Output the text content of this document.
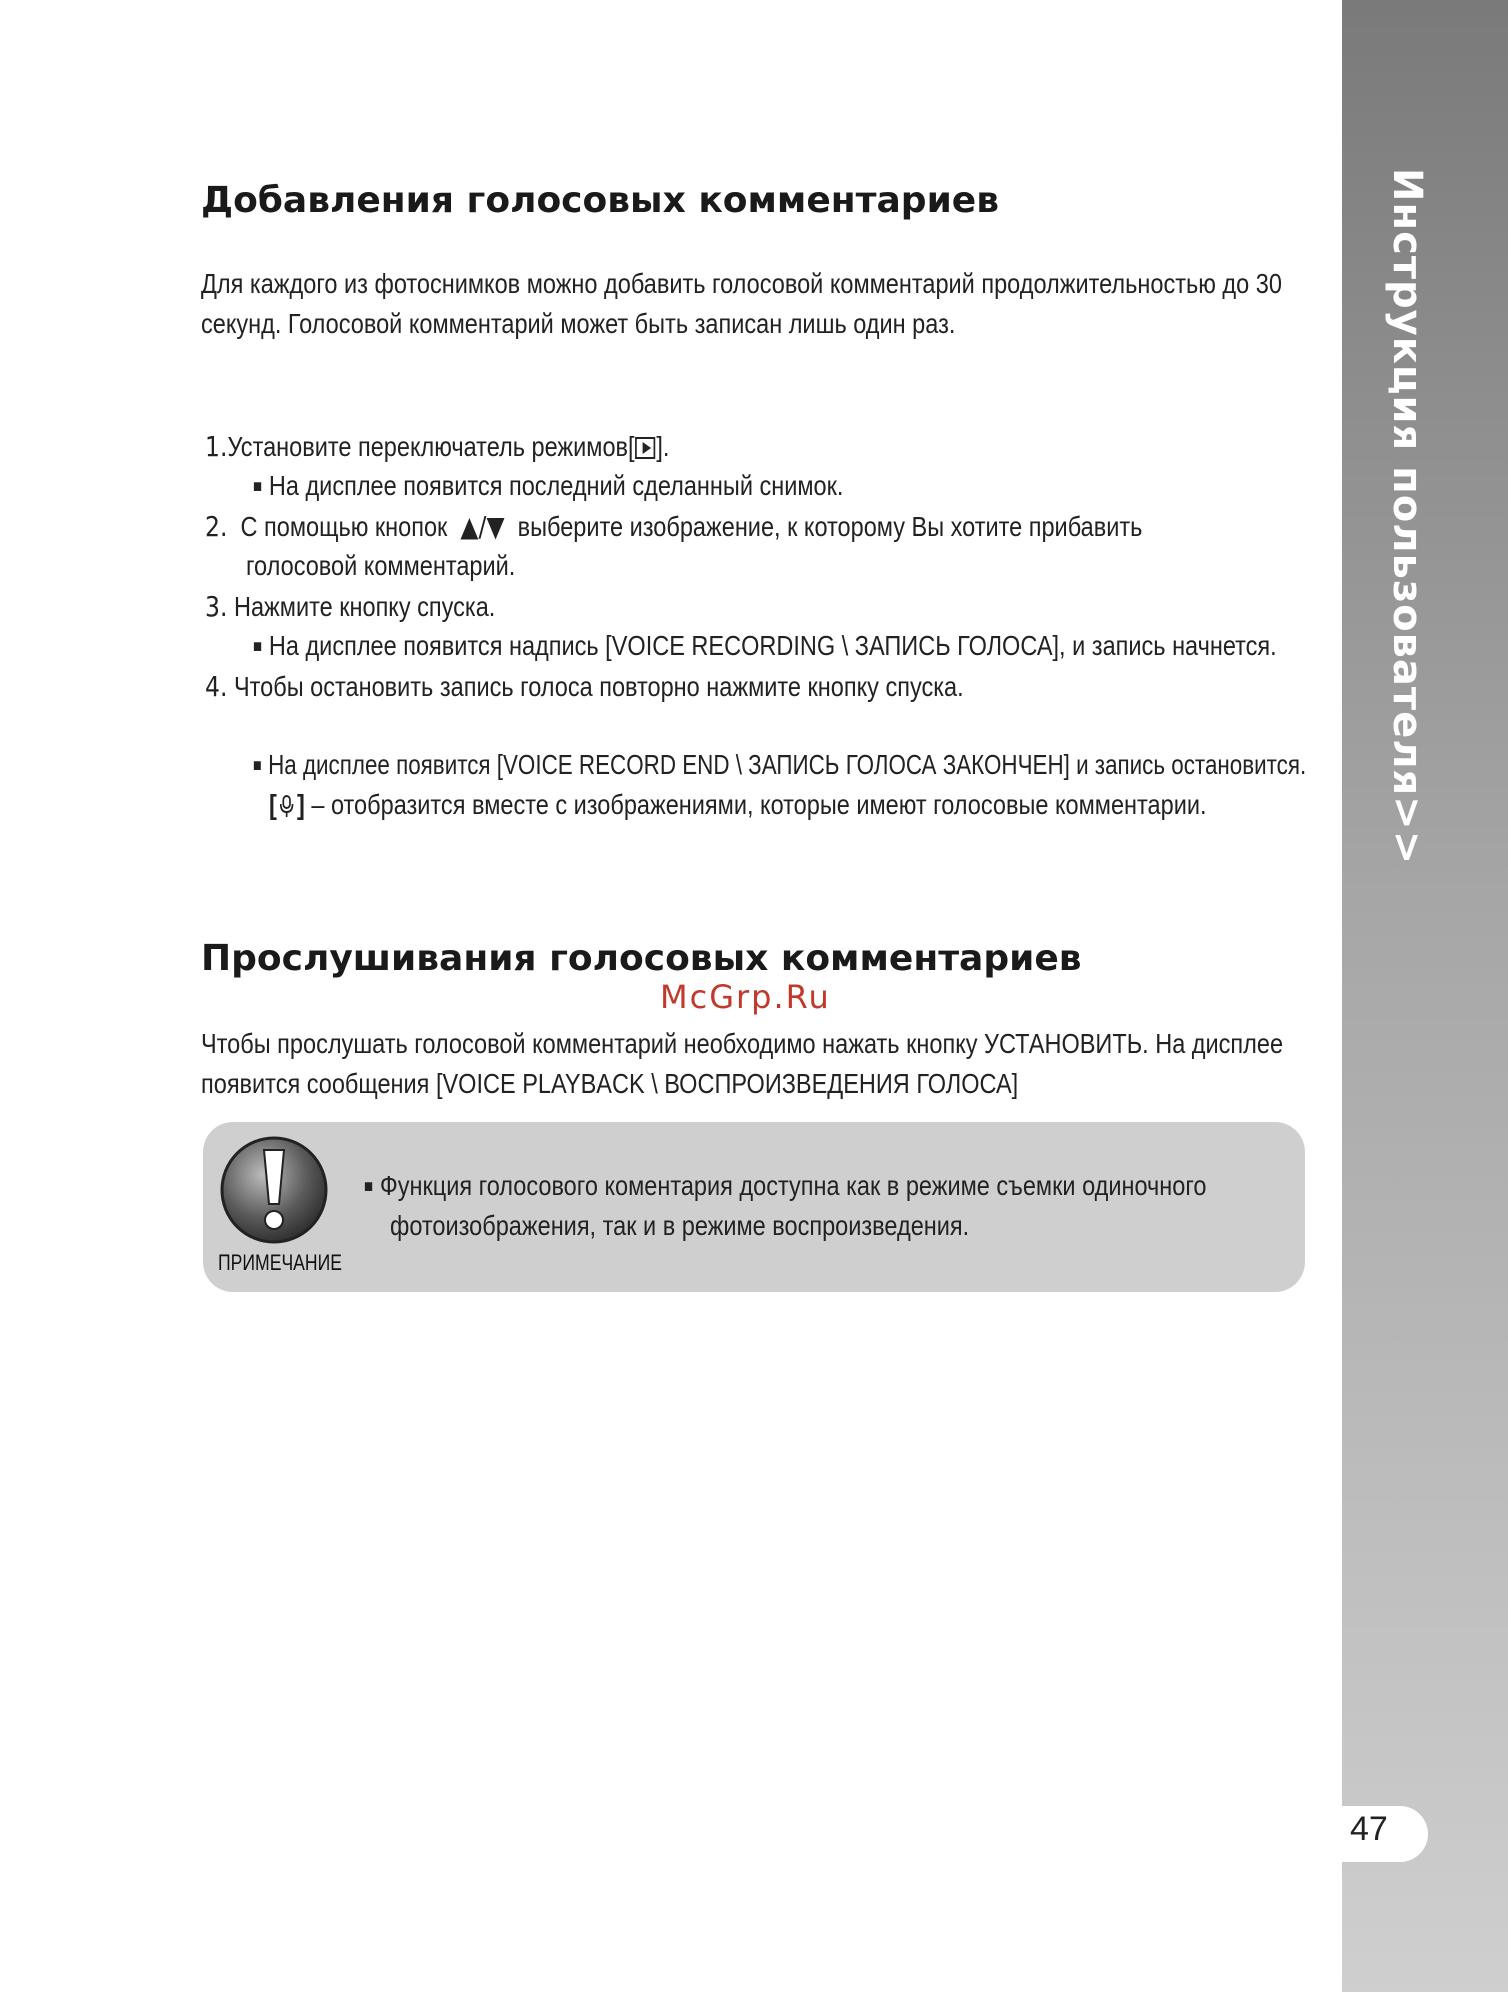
Инструкция пользователя>>
47
Добавления голосовых комментариев

Для каждого из фотоснимков можно добавить голосовой комментарий продолжительностью до 30

секунд. Голосовой комментарий может быть записан лишь один раз.

1.Установите переключатель режимов[ ].

■ На дисплее появится последний сделанный снимок.

2. С помощью кнопок ▲/▼ выберите изображение, к которому Вы хотите прибавить

голосовой комментарий.

3. Нажмите кнопку спуска.

■ На дисплее появится надпись [VOICE RECORDING \ ЗАПИСЬ ГОЛОСА], и запись начнется.

4. Чтобы остановить запись голоса повторно нажмите кнопку спуска.

■ На дисплее появится [VOICE RECORD END \ ЗАПИСЬ ГОЛОСА ЗАКОНЧЕН] и запись остановится.

[ ] – отобразится вместе с изображениями, которые имеют голосовые комментарии.

Прослушивания голосовых комментариев
McGrp.Ru

Чтобы прослушать голосовой комментарий необходимо нажать кнопку УСТАНОВИТЬ. На дисплее

появится сообщения [VOICE PLAYBACK \ ВОСПРОИЗВЕДЕНИЯ ГОЛОСА]

ПРИМЕЧАНИЕ

■ Функция голосового коментария доступна как в режиме съемки одиночного

фотоизображения, так и в режиме воспроизведения.
